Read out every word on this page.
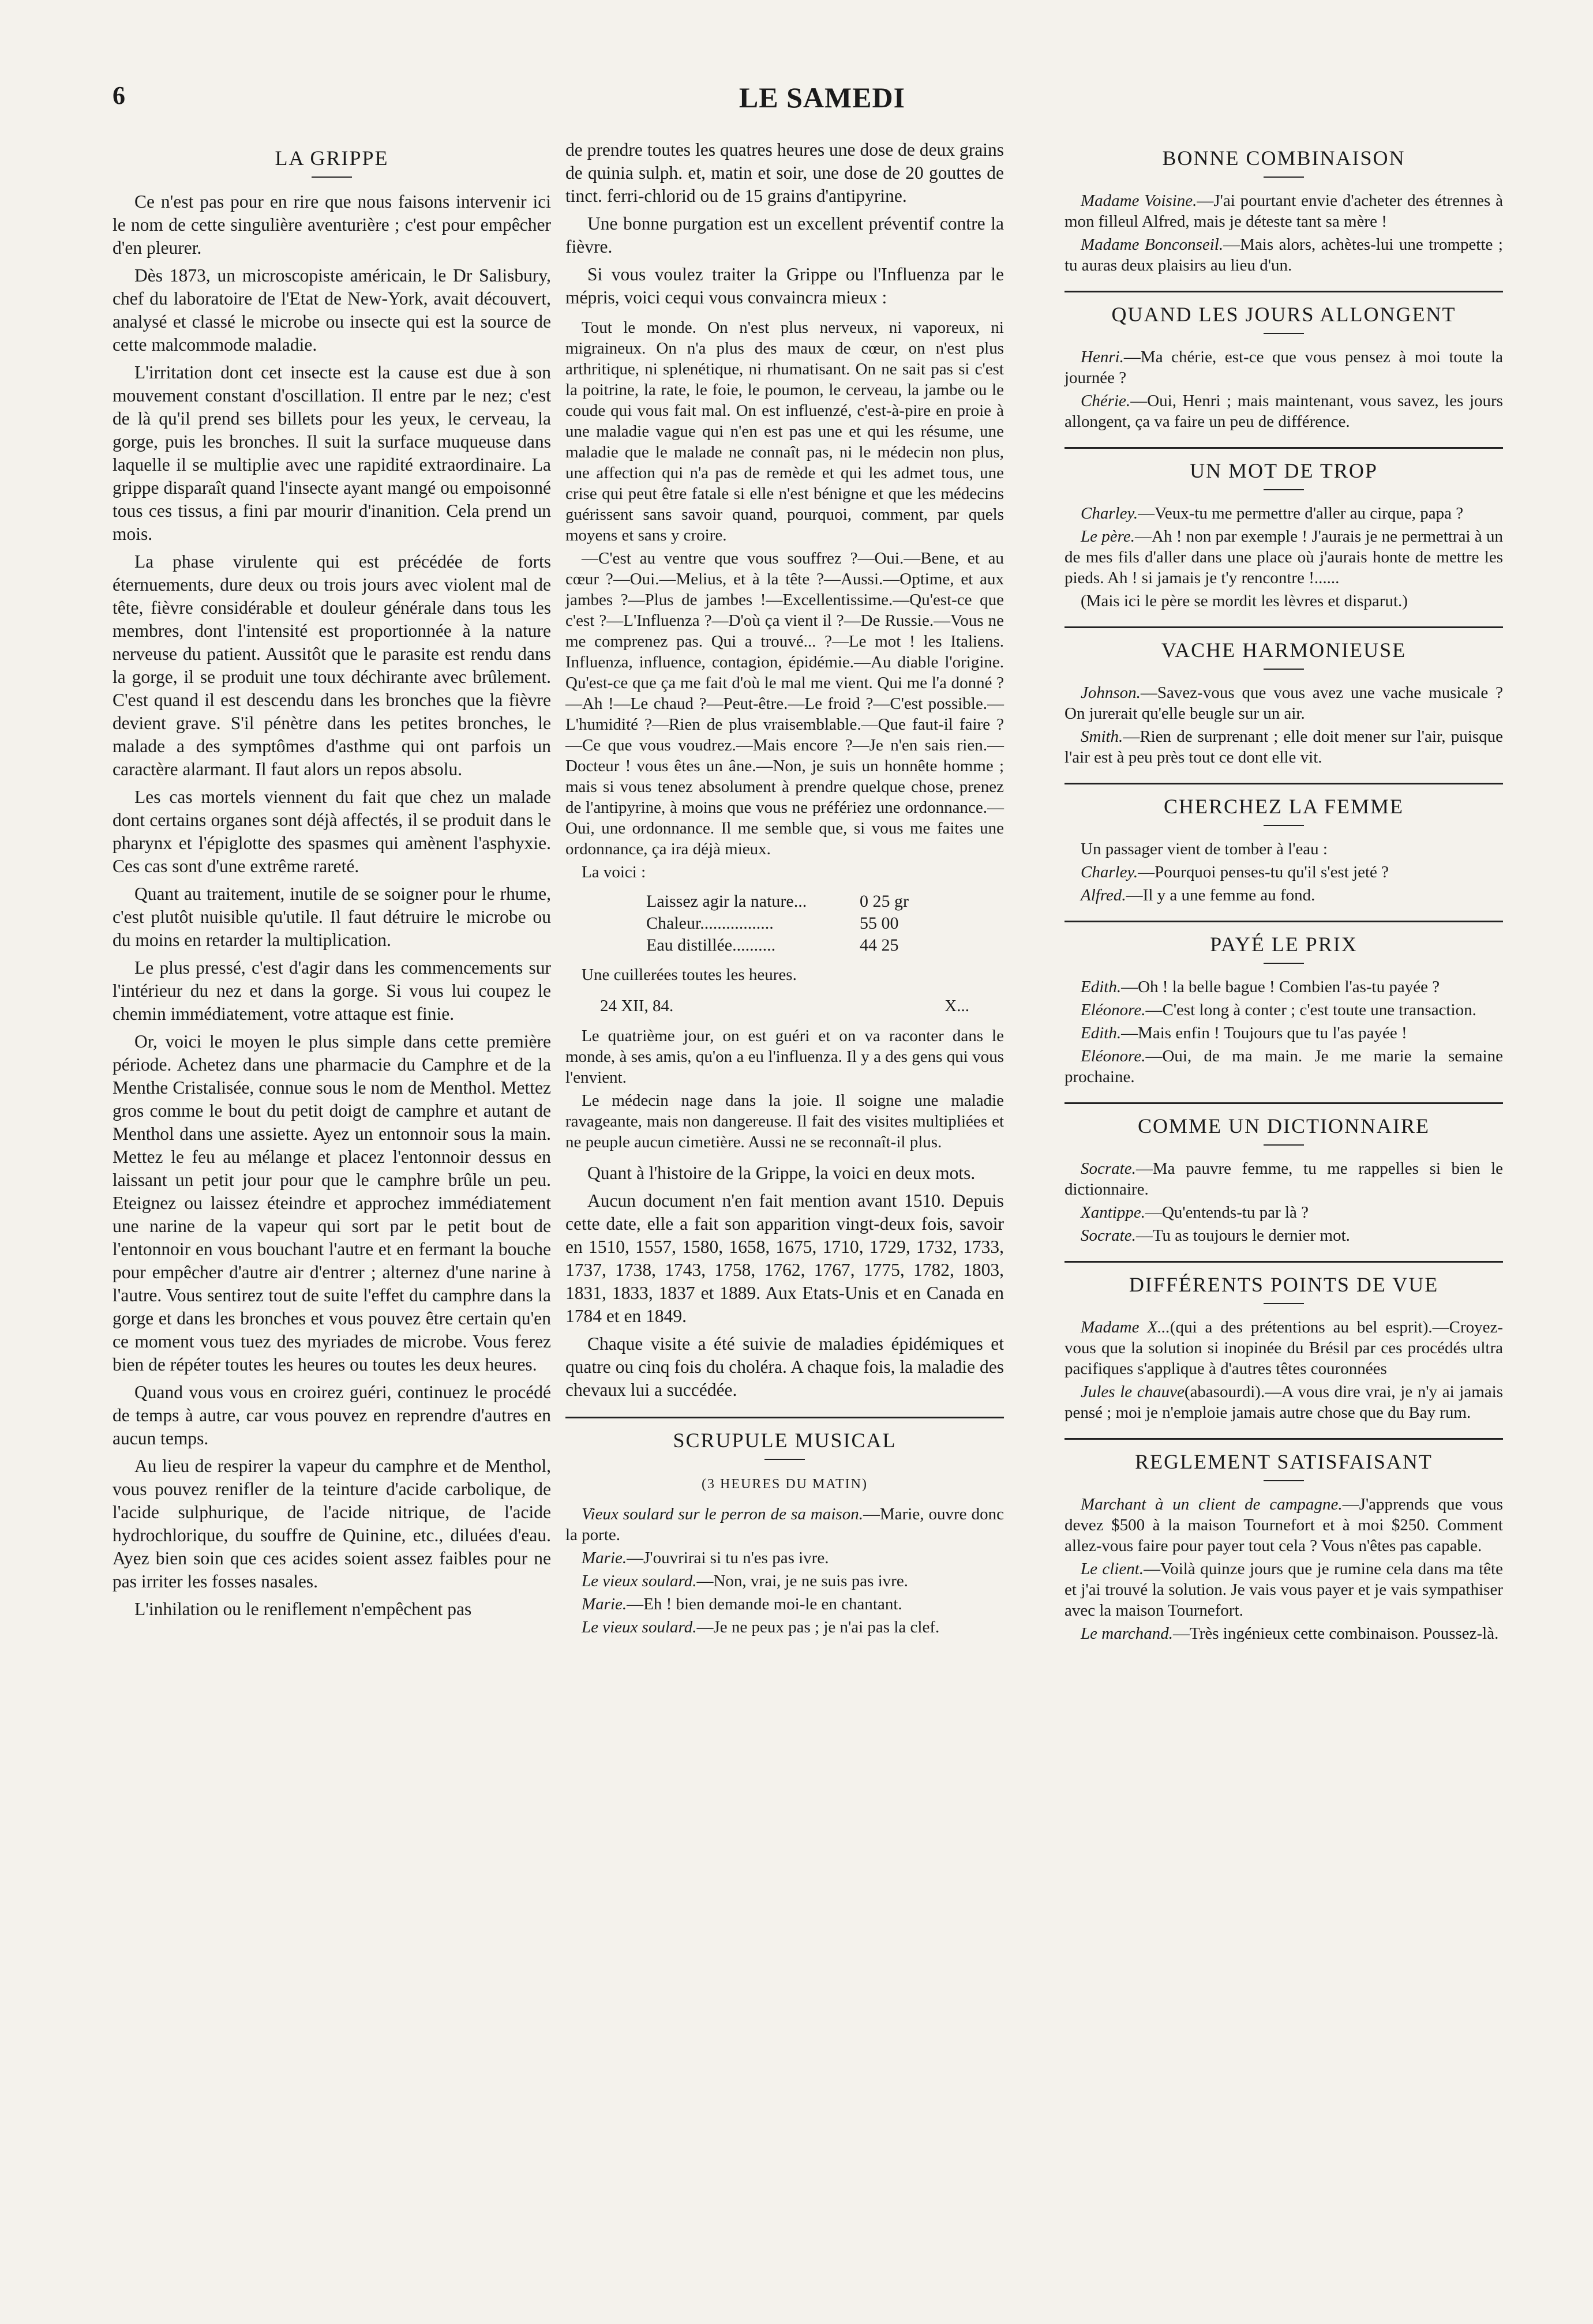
6	LE SAMEDI
LA GRIPPE

Ce n'est pas pour en rire que nous faisons intervenir ici le nom de cette singulière aventurière ; c'est pour empêcher d'en pleurer.

Dès 1873, un microscopiste américain, le Dr Salisbury, chef du laboratoire de l'Etat de New-York, avait découvert, analysé et classé le microbe ou insecte qui est la source de cette malcommode maladie.

L'irritation dont cet insecte est la cause est due à son mouvement constant d'oscillation. Il entre par le nez; c'est de là qu'il prend ses billets pour les yeux, le cerveau, la gorge, puis les bronches. Il suit la surface muqueuse dans laquelle il se multiplie avec une rapidité extraordinaire. La grippe disparaît quand l'insecte ayant mangé ou empoisonné tous ces tissus, a fini par mourir d'inanition. Cela prend un mois.

La phase virulente qui est précédée de forts éternuements, dure deux ou trois jours avec violent mal de tête, fièvre considérable et douleur générale dans tous les membres, dont l'intensité est proportionnée à la nature nerveuse du patient. Aussitôt que le parasite est rendu dans la gorge, il se produit une toux déchirante avec brûlement. C'est quand il est descendu dans les bronches que la fièvre devient grave. S'il pénètre dans les petites bronches, le malade a des symptômes d'asthme qui ont parfois un caractère alarmant. Il faut alors un repos absolu.

Les cas mortels viennent du fait que chez un malade dont certains organes sont déjà affectés, il se produit dans le pharynx et l'épiglotte des spasmes qui amènent l'asphyxie. Ces cas sont d'une extrême rareté.

Quant au traitement, inutile de se soigner pour le rhume, c'est plutôt nuisible qu'utile. Il faut détruire le microbe ou du moins en retarder la multiplication.

Le plus pressé, c'est d'agir dans les commencements sur l'intérieur du nez et dans la gorge. Si vous lui coupez le chemin immédiatement, votre attaque est finie.

Or, voici le moyen le plus simple dans cette première période. Achetez dans une pharmacie du Camphre et de la Menthe Cristalisée, connue sous le nom de Menthol. Mettez gros comme le bout du petit doigt de camphre et autant de Menthol dans une assiette. Ayez un entonnoir sous la main. Mettez le feu au mélange et placez l'entonnoir dessus en laissant un petit jour pour que le camphre brûle un peu. Eteignez ou laissez éteindre et approchez immédiatement une narine de la vapeur qui sort par le petit bout de l'entonnoir en vous bouchant l'autre et en fermant la bouche pour empêcher d'autre air d'entrer ; alternez d'une narine à l'autre. Vous sentirez tout de suite l'effet du camphre dans la gorge et dans les bronches et vous pouvez être certain qu'en ce moment vous tuez des myriades de microbe. Vous ferez bien de répéter toutes les heures ou toutes les deux heures.

Quand vous vous en croirez guéri, continuez le procédé de temps à autre, car vous pouvez en reprendre d'autres en aucun temps.

Au lieu de respirer la vapeur du camphre et de Menthol, vous pouvez renifler de la teinture d'acide carbolique, de l'acide sulphurique, de l'acide nitrique, de l'acide hydrochlorique, du souffre de Quinine, etc., diluées d'eau. Ayez bien soin que ces acides soient assez faibles pour ne pas irriter les fosses nasales.

L'inhilation ou le reniflement n'empêchent pas

de prendre toutes les quatres heures une dose de deux grains de quinia sulph. et, matin et soir, une dose de 20 gouttes de tinct. ferri-chlorid ou de 15 grains d'antipyrine.

Une bonne purgation est un excellent préventif contre la fièvre.

Si vous voulez traiter la Grippe ou l'Influenza par le mépris, voici cequi vous convaincra mieux :

Tout le monde. On n'est plus nerveux, ni vaporeux, ni migraineux. On n'a plus des maux de cœur, on n'est plus arthritique, ni splenétique, ni rhumatisant. On ne sait pas si c'est la poitrine, la rate, le foie, le poumon, le cerveau, la jambe ou le coude qui vous fait mal. On est influenzé, c'est-à-pire en proie à une maladie vague qui n'en est pas une et qui les résume, une maladie que le malade ne connaît pas, ni le médecin non plus, une affection qui n'a pas de remède et qui les admet tous, une crise qui peut être fatale si elle n'est bénigne et que les médecins guérissent sans savoir quand, pourquoi, comment, par quels moyens et sans y croire.

—C'est au ventre que vous souffrez ?—Oui.—Bene, et au cœur ?—Oui.—Melius, et à la tête ?—Aussi.—Optime, et aux jambes ?—Plus de jambes !—Excellentissime.—Qu'est-ce que c'est ?—L'Influenza ?—D'où ça vient il ?—De Russie.—Vous ne me comprenez pas. Qui a trouvé... ?—Le mot ! les Italiens. Influenza, influence, contagion, épidémie.—Au diable l'origine. Qu'est-ce que ça me fait d'où le mal me vient. Qui me l'a donné ?—Ah !—Le chaud ?—Peut-être.—Le froid ?—C'est possible.—L'humidité ?—Rien de plus vraisemblable.—Que faut-il faire ?—Ce que vous voudrez.—Mais encore ?—Je n'en sais rien.—Docteur ! vous êtes un âne.—Non, je suis un honnête homme ; mais si vous tenez absolument à prendre quelque chose, prenez de l'antipyrine, à moins que vous ne préfériez une ordonnance.—Oui, une ordonnance. Il me semble que, si vous me faites une ordonnance, ça ira déjà mieux.

La voici :

Laissez agir la nature...	0 25 gr
Chaleur.................	55 00
Eau distillée..........	44 25

Une cuillerées toutes les heures.

24 XII, 84.	X...

Le quatrième jour, on est guéri et on va raconter dans le monde, à ses amis, qu'on a eu l'influenza. Il y a des gens qui vous l'envient.

Le médecin nage dans la joie. Il soigne une maladie ravageante, mais non dangereuse. Il fait des visites multipliées et ne peuple aucun cimetière. Aussi ne se reconnaît-il plus.

Quant à l'histoire de la Grippe, la voici en deux mots.

Aucun document n'en fait mention avant 1510. Depuis cette date, elle a fait son apparition vingt-deux fois, savoir en 1510, 1557, 1580, 1658, 1675, 1710, 1729, 1732, 1733, 1737, 1738, 1743, 1758, 1762, 1767, 1775, 1782, 1803, 1831, 1833, 1837 et 1889. Aux Etats-Unis et en Canada en 1784 et en 1849.

Chaque visite a été suivie de maladies épidémiques et quatre ou cinq fois du choléra. A chaque fois, la maladie des chevaux lui a succédée.

SCRUPULE MUSICAL
(3 HEURES DU MATIN)

Vieux soulard sur le perron de sa maison.—Marie, ouvre donc la porte.

Marie.—J'ouvrirai si tu n'es pas ivre.

Le vieux soulard.—Non, vrai, je ne suis pas ivre.

Marie.—Eh ! bien demande moi-le en chantant.

Le vieux soulard.—Je ne peux pas ; je n'ai pas la clef.

BONNE COMBINAISON

Madame Voisine.—J'ai pourtant envie d'acheter des étrennes à mon filleul Alfred, mais je déteste tant sa mère !

Madame Bonconseil.—Mais alors, achètes-lui une trompette ; tu auras deux plaisirs au lieu d'un.

QUAND LES JOURS ALLONGENT

Henri.—Ma chérie, est-ce que vous pensez à moi toute la journée ?

Chérie.—Oui, Henri ; mais maintenant, vous savez, les jours allongent, ça va faire un peu de différence.

UN MOT DE TROP

Charley.—Veux-tu me permettre d'aller au cirque, papa ?

Le père.—Ah ! non par exemple ! J'aurais je ne permettrai à un de mes fils d'aller dans une place où j'aurais honte de mettre les pieds. Ah ! si jamais je t'y rencontre !......

(Mais ici le père se mordit les lèvres et disparut.)

VACHE HARMONIEUSE

Johnson.—Savez-vous que vous avez une vache musicale ? On jurerait qu'elle beugle sur un air.

Smith.—Rien de surprenant ; elle doit mener sur l'air, puisque l'air est à peu près tout ce dont elle vit.

CHERCHEZ LA FEMME

Un passager vient de tomber à l'eau :

Charley.—Pourquoi penses-tu qu'il s'est jeté ?

Alfred.—Il y a une femme au fond.

PAYÉ LE PRIX

Edith.—Oh ! la belle bague ! Combien l'as-tu payée ?

Eléonore.—C'est long à conter ; c'est toute une transaction.

Edith.—Mais enfin ! Toujours que tu l'as payée !

Eléonore.—Oui, de ma main. Je me marie la semaine prochaine.

COMME UN DICTIONNAIRE

Socrate.—Ma pauvre femme, tu me rappelles si bien le dictionnaire.

Xantippe.—Qu'entends-tu par là ?

Socrate.—Tu as toujours le dernier mot.

DIFFÉRENTS POINTS DE VUE

Madame X...(qui a des prétentions au bel esprit).—Croyez-vous que la solution si inopinée du Brésil par ces procédés ultra pacifiques s'applique à d'autres têtes couronnées

Jules le chauve(abasourdi).—A vous dire vrai, je n'y ai jamais pensé ; moi je n'emploie jamais autre chose que du Bay rum.

REGLEMENT SATISFAISANT

Marchant à un client de campagne.—J'apprends que vous devez $500 à la maison Tournefort et à moi $250. Comment allez-vous faire pour payer tout cela ? Vous n'êtes pas capable.

Le client.—Voilà quinze jours que je rumine cela dans ma tête et j'ai trouvé la solution. Je vais vous payer et je vais sympathiser avec la maison Tournefort.

Le marchand.—Très ingénieux cette combinaison. Poussez-là.
